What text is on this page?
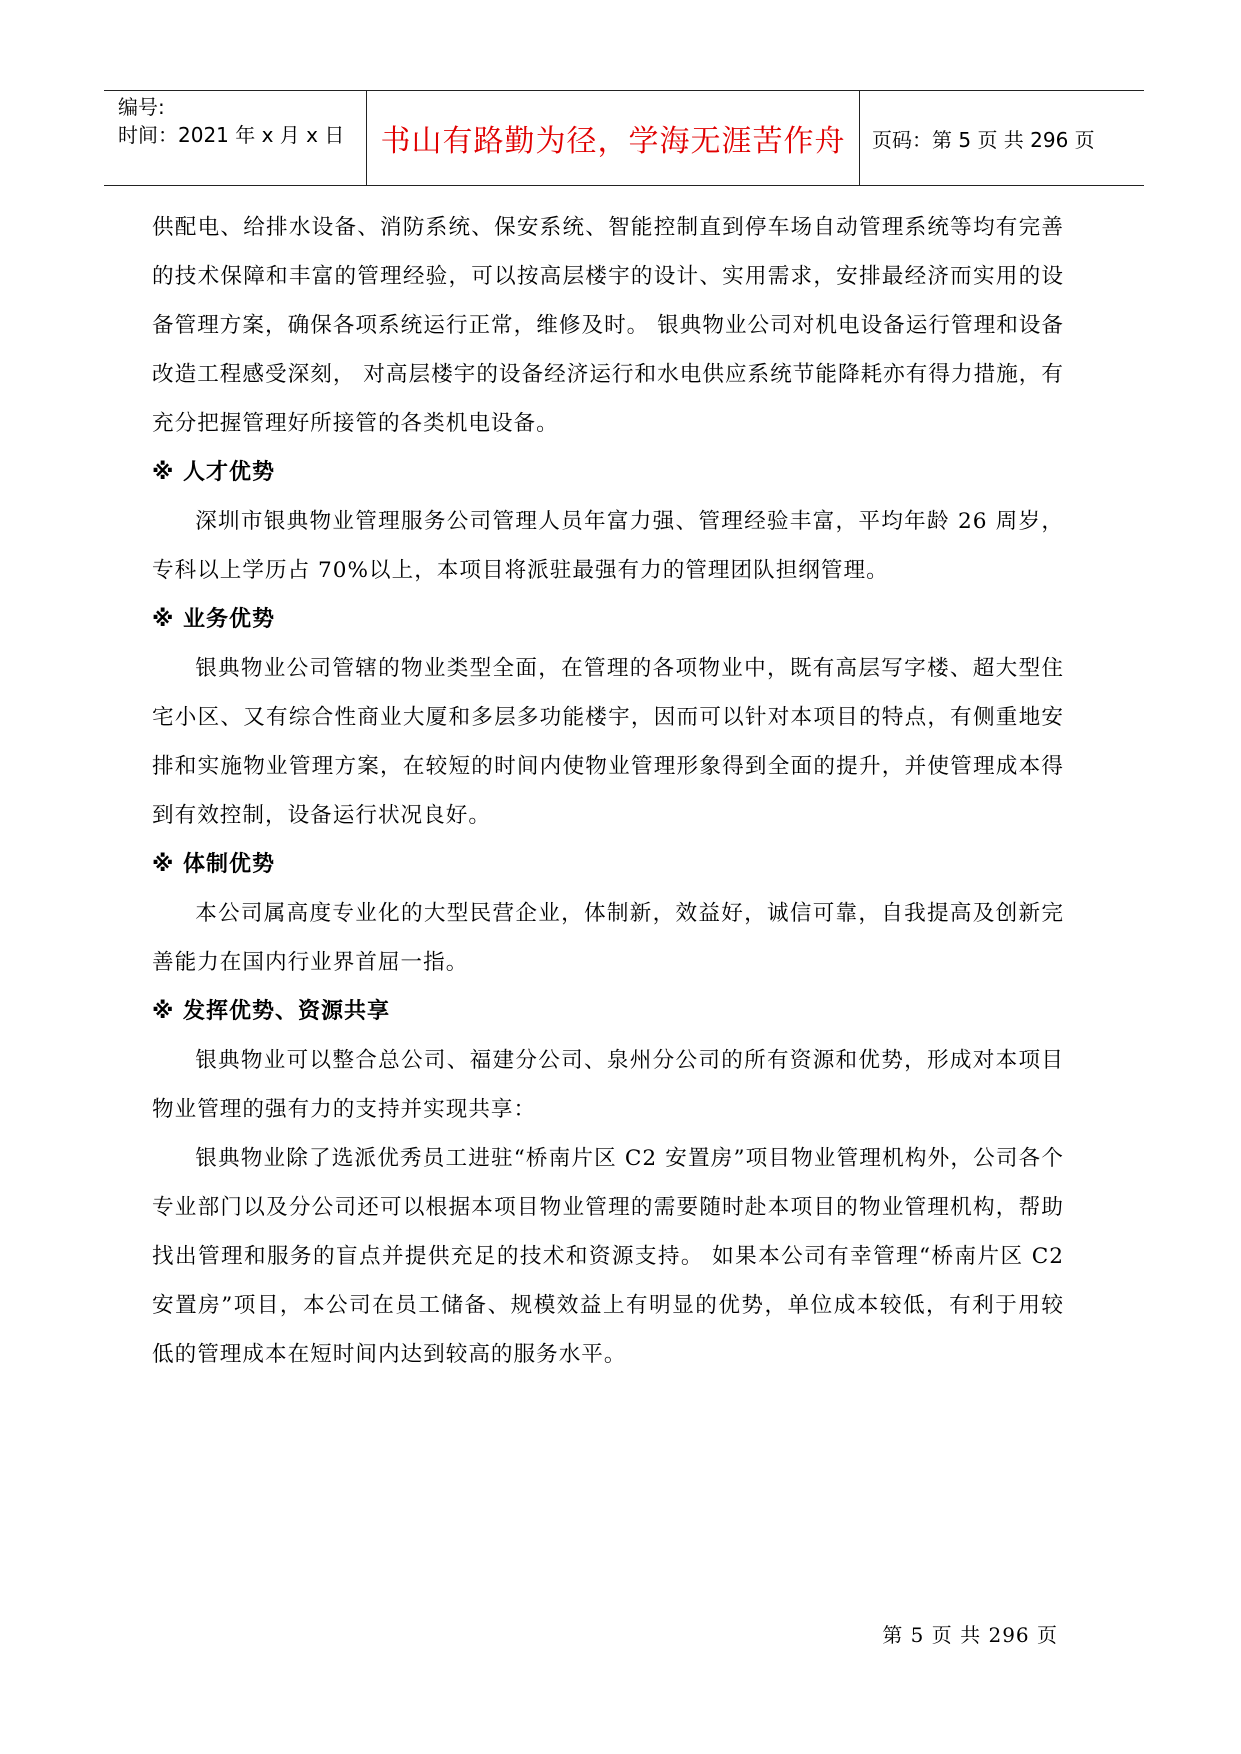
编号:
时间：2021 年 x 月 x 日	书山有路勤为径，学海无涯苦作舟 页码：第 5 页 共 296 页

供配电、给排水设备、消防系统、保安系统、智能控制直到停车场自动管理系统等均有完善的技术保障和丰富的管理经验，可以按高层楼宇的设计、实用需求，安排最经济而实用的设备管理方案，确保各项系统运行正常，维修及时。 银典物业公司对机电设备运行管理和设备改造工程感受深刻， 对高层楼宇的设备经济运行和水电供应系统节能降耗亦有得力措施，有充分把握管理好所接管的各类机电设备。

※ 人才优势

深圳市银典物业管理服务公司管理人员年富力强、管理经验丰富，平均年龄 26 周岁，专科以上学历占 70%以上，本项目将派驻最强有力的管理团队担纲管理。

※ 业务优势

银典物业公司管辖的物业类型全面，在管理的各项物业中，既有高层写字楼、超大型住宅小区、又有综合性商业大厦和多层多功能楼宇，因而可以针对本项目的特点，有侧重地安排和实施物业管理方案，在较短的时间内使物业管理形象得到全面的提升，并使管理成本得到有效控制，设备运行状况良好。

※ 体制优势

本公司属高度专业化的大型民营企业，体制新，效益好，诚信可靠，自我提高及创新完善能力在国内行业界首屈一指。

※ 发挥优势、资源共享

银典物业可以整合总公司、福建分公司、泉州分公司的所有资源和优势，形成对本项目物业管理的强有力的支持并实现共享：

银典物业除了选派优秀员工进驻“桥南片区 C2 安置房”项目物业管理机构外，公司各个专业部门以及分公司还可以根据本项目物业管理的需要随时赴本项目的物业管理机构，帮助找出管理和服务的盲点并提供充足的技术和资源支持。 如果本公司有幸管理“桥南片区 C2 安置房”项目，本公司在员工储备、规模效益上有明显的优势，单位成本较低，有利于用较低的管理成本在短时间内达到较高的服务水平。

第 5 页 共 296 页
